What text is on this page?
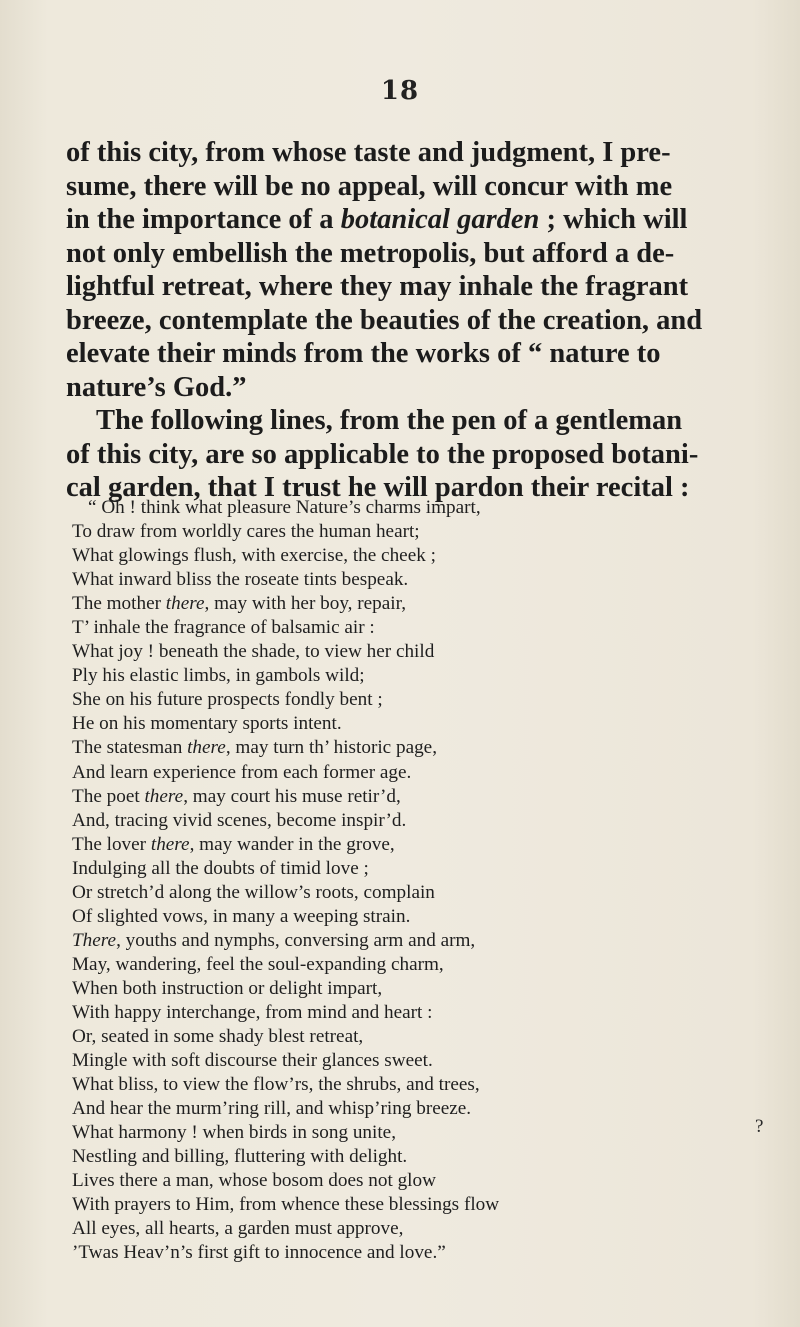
18
of this city, from whose taste and judgment, I pre-
sume, there will be no appeal, will concur with me
in the importance of a botanical garden ; which will
not only embellish the metropolis, but afford a de-
lightful retreat, where they may inhale the fragrant
breeze, contemplate the beauties of the creation, and
elevate their minds from the works of “ nature to
nature’s God.”
The following lines, from the pen of a gentleman
of this city, are so applicable to the proposed botani-
cal garden, that I trust he will pardon their recital :
“ Oh ! think what pleasure Nature’s charms impart,
To draw from worldly cares the human heart;
What glowings flush, with exercise, the cheek ;
What inward bliss the roseate tints bespeak.
The mother there, may with her boy, repair,
T’ inhale the fragrance of balsamic air :
What joy ! beneath the shade, to view her child
Ply his elastic limbs, in gambols wild;
She on his future prospects fondly bent ;
He on his momentary sports intent.
The statesman there, may turn th’ historic page,
And learn experience from each former age.
The poet there, may court his muse retir’d,
And, tracing vivid scenes, become inspir’d.
The lover there, may wander in the grove,
Indulging all the doubts of timid love ;
Or stretch’d along the willow’s roots, complain
Of slighted vows, in many a weeping strain.
There, youths and nymphs, conversing arm and arm,
May, wandering, feel the soul-expanding charm,
When both instruction or delight impart,
With happy interchange, from mind and heart :
Or, seated in some shady blest retreat,
Mingle with soft discourse their glances sweet.
What bliss, to view the flow’rs, the shrubs, and trees,
And hear the murm’ring rill, and whisp’ring breeze.
What harmony ! when birds in song unite,
Nestling and billing, fluttering with delight.
Lives there a man, whose bosom does not glow
With prayers to Him, from whence these blessings flow
All eyes, all hearts, a garden must approve,
’Twas Heav’n’s first gift to innocence and love.”
?
